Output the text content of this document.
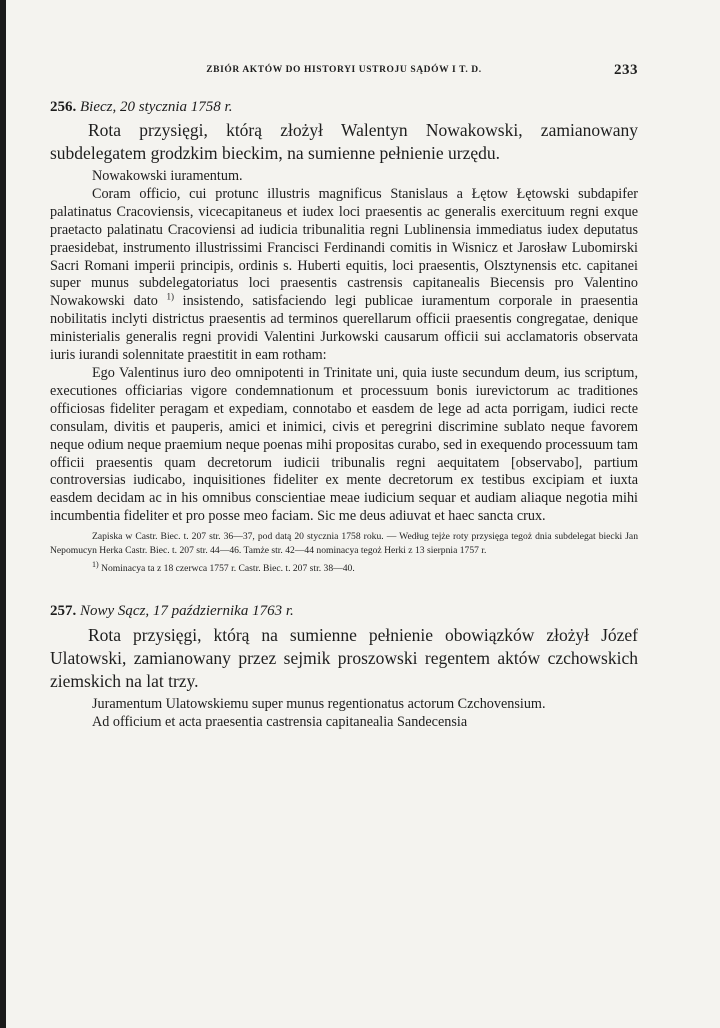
ZBIÓR AKTÓW DO HISTORYI USTROJU SĄDÓW I T. D.	233
256. Biecz, 20 stycznia 1758 r.

Rota przysięgi, którą złożył Walentyn Nowakowski, zamianowany subdelegatem grodzkim bieckim, na sumienne pełnienie urzędu.

Nowakowski iuramentum.

Coram officio, cui protunc illustris magnificus Stanislaus a Łętow Łętowski subdapifer palatinatus Cracoviensis, vicecapitaneus et iudex loci praesentis ac generalis exercituum regni exque praetacto palatinatu Cracoviensi ad iudicia tribunalitia regni Lublinensia immediatus iudex deputatus praesidebat, instrumento illustrissimi Francisci Ferdinandi comitis in Wisnicz et Jarosław Lubomirski Sacri Romani imperii principis, ordinis s. Huberti equitis, loci praesentis, Olsztynensis etc. capitanei super munus subdelegatoriatus loci praesentis castrensis capitanealis Biecensis pro Valentino Nowakowski dato $^{1)}$ insistendo, satisfaciendo legi publicae iuramentum corporale in praesentia nobilitatis inclyti districtus praesentis ad terminos querellarum officii praesentis congregatae, denique ministerialis generalis regni providi Valentini Jurkowski causarum officii sui acclamatoris observata iuris iurandi solennitate praestitit in eam rotham:

Ego Valentinus iuro deo omnipotenti in Trinitate uni, quia iuste secundum deum, ius scriptum, executiones officiarias vigore condemnationum et processuum bonis iurevictorum ac traditiones officiosas fideliter peragam et expediam, connotabo et easdem de lege ad acta porrigam, iudici recte consulam, divitis et pauperis, amici et inimici, civis et peregrini discrimine sublato neque favorem neque odium neque praemium neque poenas mihi propositas curabo, sed in exequendo processuum tam officii praesentis quam decretorum iudicii tribunalis regni aequitatem [observabo], partium controversias iudicabo, inquisitiones fideliter ex mente decretorum ex testibus excipiam et iuxta easdem decidam ac in his omnibus conscientiae meae iudicium sequar et audiam aliaque negotia mihi incumbentia fideliter et pro posse meo faciam. Sic me deus adiuvat et haec sancta crux.

Zapiska w Castr. Biec. t. 207 str. 36—37, pod datą 20 stycznia 1758 roku. — Według tejże roty przysięga tegoż dnia subdelegat biecki Jan Nepomucyn Herka Castr. Biec. t. 207 str. 44—46. Tamże str. 42—44 nominacya tegoż Herki z 13 sierpnia 1757 r.

$^{1)}$ Nominacya ta z 18 czerwca 1757 r. Castr. Biec. t. 207 str. 38—40.

257. Nowy Sącz, 17 października 1763 r.

Rota przysięgi, którą na sumienne pełnienie obowiązków złożył Józef Ulatowski, zamianowany przez sejmik proszowski regentem aktów czchowskich ziemskich na lat trzy.

Juramentum Ulatowskiemu super munus regentionatus actorum Czchovensium.

Ad officium et acta praesentia castrensia capitanealia Sandecensia
